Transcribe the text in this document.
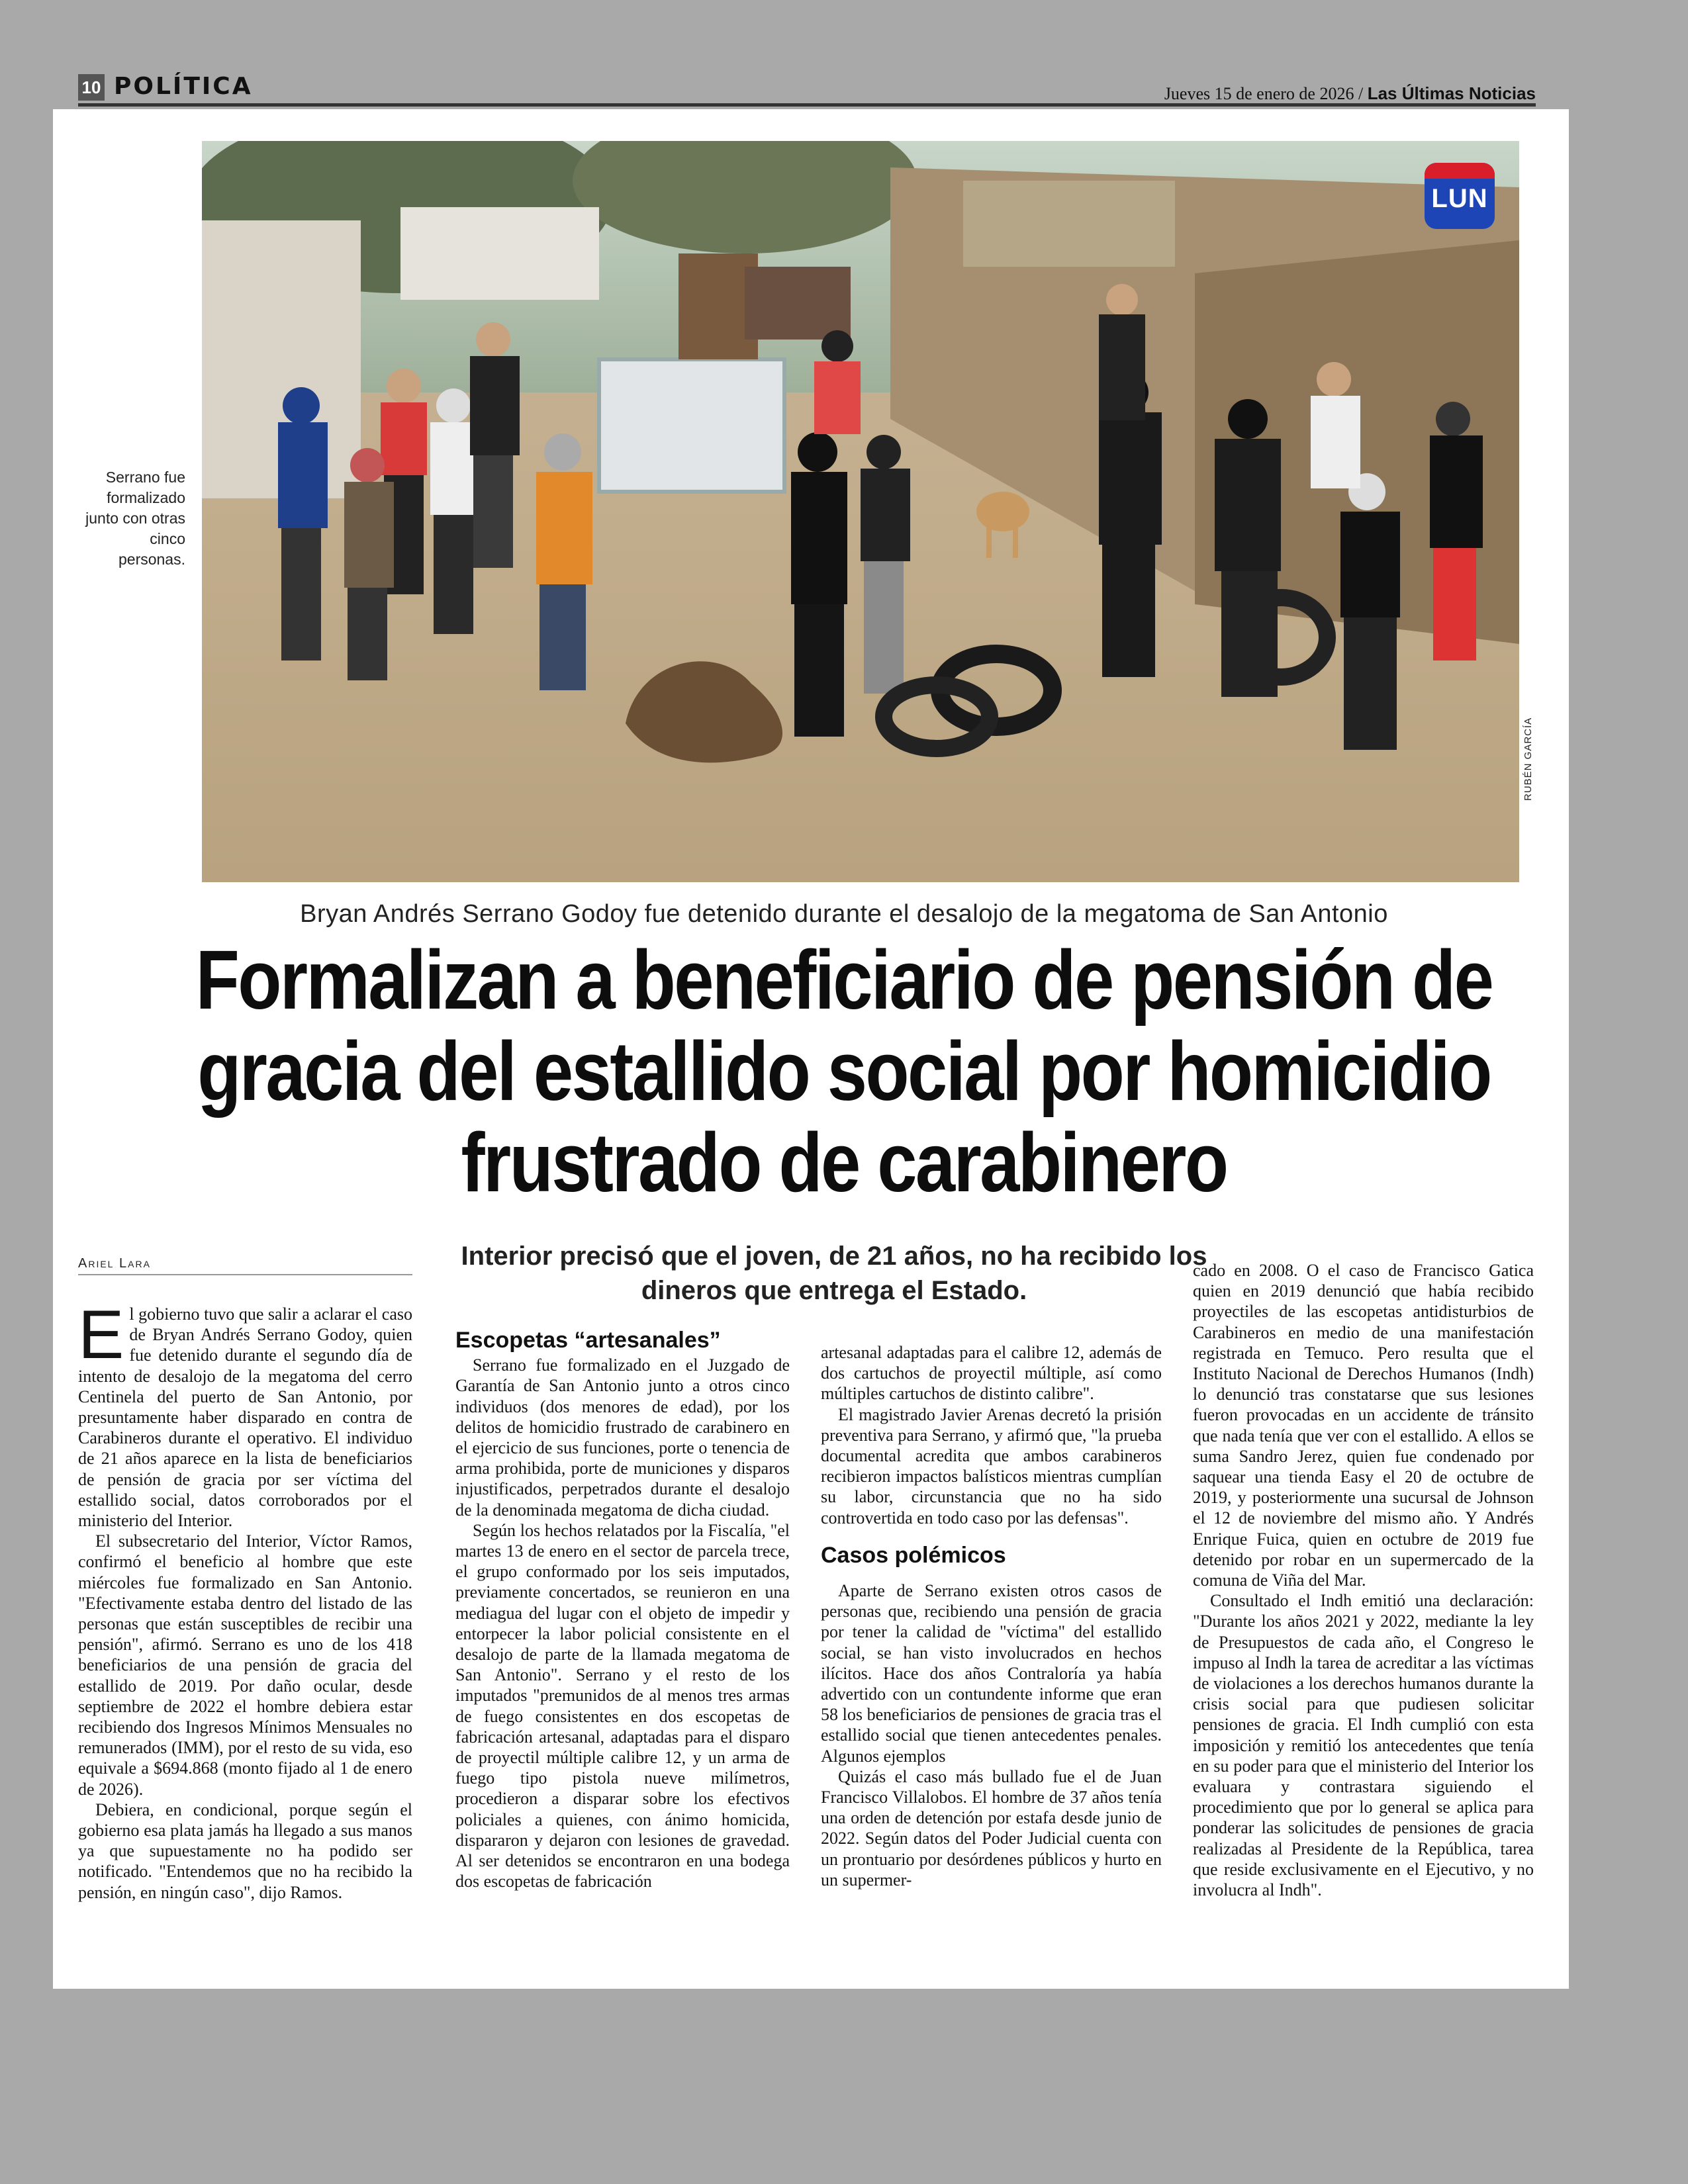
10 POLÍTICA	Jueves 15 de enero de 2026 / Las Últimas Noticias
LUN
RUBÉN GARCÍA
Serrano fue formalizado junto con otras cinco personas.
Bryan Andrés Serrano Godoy fue detenido durante el desalojo de la megatoma de San Antonio
Formalizan a beneficiario de pensión de gracia del estallido social por homicidio frustrado de carabinero
Ariel Lara	Interior precisó que el joven, de 21 años, no ha recibido los dineros que entrega el Estado.

El gobierno tuvo que salir a aclarar el caso de Bryan Andrés Serrano Godoy, quien fue detenido durante el segundo día de intento de desalojo de la megatoma del cerro Centinela del puerto de San Antonio, por presuntamente haber disparado en contra de Carabineros durante el operativo. El individuo de 21 años aparece en la lista de beneficiarios de pensión de gracia por ser víctima del estallido social, datos corroborados por el ministerio del Interior.

El subsecretario del Interior, Víctor Ramos, confirmó el beneficio al hombre que este miércoles fue formalizado en San Antonio. "Efectivamente estaba dentro del listado de las personas que están susceptibles de recibir una pensión", afirmó. Serrano es uno de los 418 beneficiarios de una pensión de gracia del estallido de 2019. Por daño ocular, desde septiembre de 2022 el hombre debiera estar recibiendo dos Ingresos Mínimos Mensuales no remunerados (IMM), por el resto de su vida, eso equivale a $694.868 (monto fijado al 1 de enero de 2026).

Debiera, en condicional, porque según el gobierno esa plata jamás ha llegado a sus manos ya que supuestamente no ha podido ser notificado. "Entendemos que no ha recibido la pensión, en ningún caso", dijo Ramos.

Escopetas “artesanales”

Serrano fue formalizado en el Juzgado de Garantía de San Antonio junto a otros cinco individuos (dos menores de edad), por los delitos de homicidio frustrado de carabinero en el ejercicio de sus funciones, porte o tenencia de arma prohibida, porte de municiones y disparos injustificados, perpetrados durante el desalojo de la denominada megatoma de dicha ciudad.

Según los hechos relatados por la Fiscalía, "el martes 13 de enero en el sector de parcela trece, el grupo conformado por los seis imputados, previamente concertados, se reunieron en una mediagua del lugar con el objeto de impedir y entorpecer la labor policial consistente en el desalojo de parte de la llamada megatoma de San Antonio". Serrano y el resto de los imputados "premunidos de al menos tres armas de fuego consistentes en dos escopetas de fabricación artesanal, adaptadas para el disparo de proyectil múltiple calibre 12, y un arma de fuego tipo pistola nueve milímetros, procedieron a disparar sobre los efectivos policiales a quienes, con ánimo homicida, dispararon y dejaron con lesiones de gravedad. Al ser detenidos se encontraron en una bodega dos escopetas de fabricación

artesanal adaptadas para el calibre 12, además de dos cartuchos de proyectil múltiple, así como múltiples cartuchos de distinto calibre".

El magistrado Javier Arenas decretó la prisión preventiva para Serrano, y afirmó que, "la prueba documental acredita que ambos carabineros recibieron impactos balísticos mientras cumplían su labor, circunstancia que no ha sido controvertida en todo caso por las defensas".

Casos polémicos

Aparte de Serrano existen otros casos de personas que, recibiendo una pensión de gracia por tener la calidad de "víctima" del estallido social, se han visto involucrados en hechos ilícitos. Hace dos años Contraloría ya había advertido con un contundente informe que eran 58 los beneficiarios de pensiones de gracia tras el estallido social que tienen antecedentes penales. Algunos ejemplos

Quizás el caso más bullado fue el de Juan Francisco Villalobos. El hombre de 37 años tenía una orden de detención por estafa desde junio de 2022. Según datos del Poder Judicial cuenta con un prontuario por desórdenes públicos y hurto en un supermer-

cado en 2008. O el caso de Francisco Gatica quien en 2019 denunció que había recibido proyectiles de las escopetas antidisturbios de Carabineros en medio de una manifestación registrada en Temuco. Pero resulta que el Instituto Nacional de Derechos Humanos (Indh) lo denunció tras constatarse que sus lesiones fueron provocadas en un accidente de tránsito que nada tenía que ver con el estallido. A ellos se suma Sandro Jerez, quien fue condenado por saquear una tienda Easy el 20 de octubre de 2019, y posteriormente una sucursal de Johnson el 12 de noviembre del mismo año. Y Andrés Enrique Fuica, quien en octubre de 2019 fue detenido por robar en un supermercado de la comuna de Viña del Mar.

Consultado el Indh emitió una declaración: "Durante los años 2021 y 2022, mediante la ley de Presupuestos de cada año, el Congreso le impuso al Indh la tarea de acreditar a las víctimas de violaciones a los derechos humanos durante la crisis social para que pudiesen solicitar pensiones de gracia. El Indh cumplió con esta imposición y remitió los antecedentes que tenía en su poder para que el ministerio del Interior los evaluara y contrastara siguiendo el procedimiento que por lo general se aplica para ponderar las solicitudes de pensiones de gracia realizadas al Presidente de la República, tarea que reside exclusivamente en el Ejecutivo, y no involucra al Indh".
